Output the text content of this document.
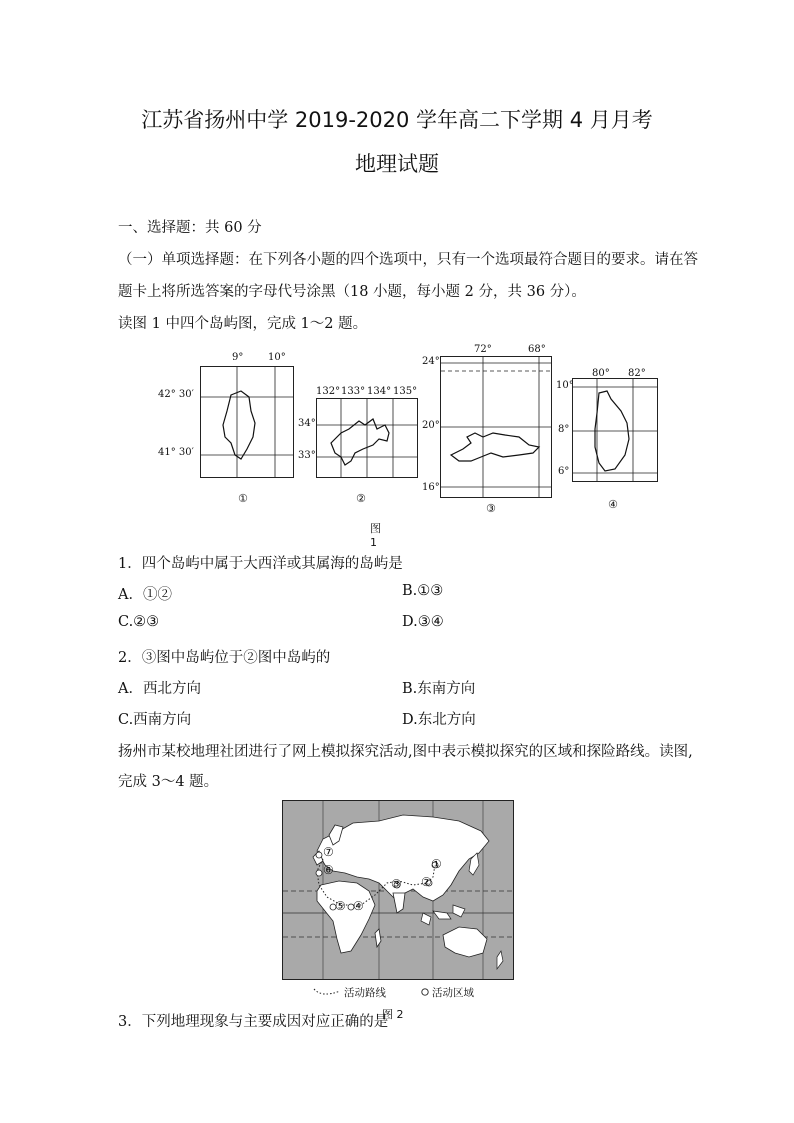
江苏省扬州中学 2019-2020 学年高二下学期 4 月月考
地理试题
一、选择题：共 60 分
（一）单项选择题：在下列各小题的四个选项中，只有一个选项最符合题目的要求。请在答
题卡上将所选答案的字母代号涂黑（18 小题，每小题 2 分，共 36 分）。
读图 1 中四个岛屿图，完成 1～2 题。
9° 10°
42° 30′
41° 30′
①
132° 133° 134° 135°
34°
33°
②
72°	68°
24°
20°
16°
③
80° 82°
10°
8°
6°
④
图 1
1．四个岛屿中属于大西洋或其属海的岛屿是
A．①②	B.①③
C.②③	D.③④
2．③图中岛屿位于②图中岛屿的
A．西北方向	B.东南方向
C.西南方向	D.东北方向
扬州市某校地理社团进行了网上模拟探究活动,图中表示模拟探究的区域和探险路线。读图,
完成 3～4 题。
①
②
③
④
⑤
⑥
⑦
活动路线	活动区域
3．下列地理现象与主要成因对应正确的是
图 2
